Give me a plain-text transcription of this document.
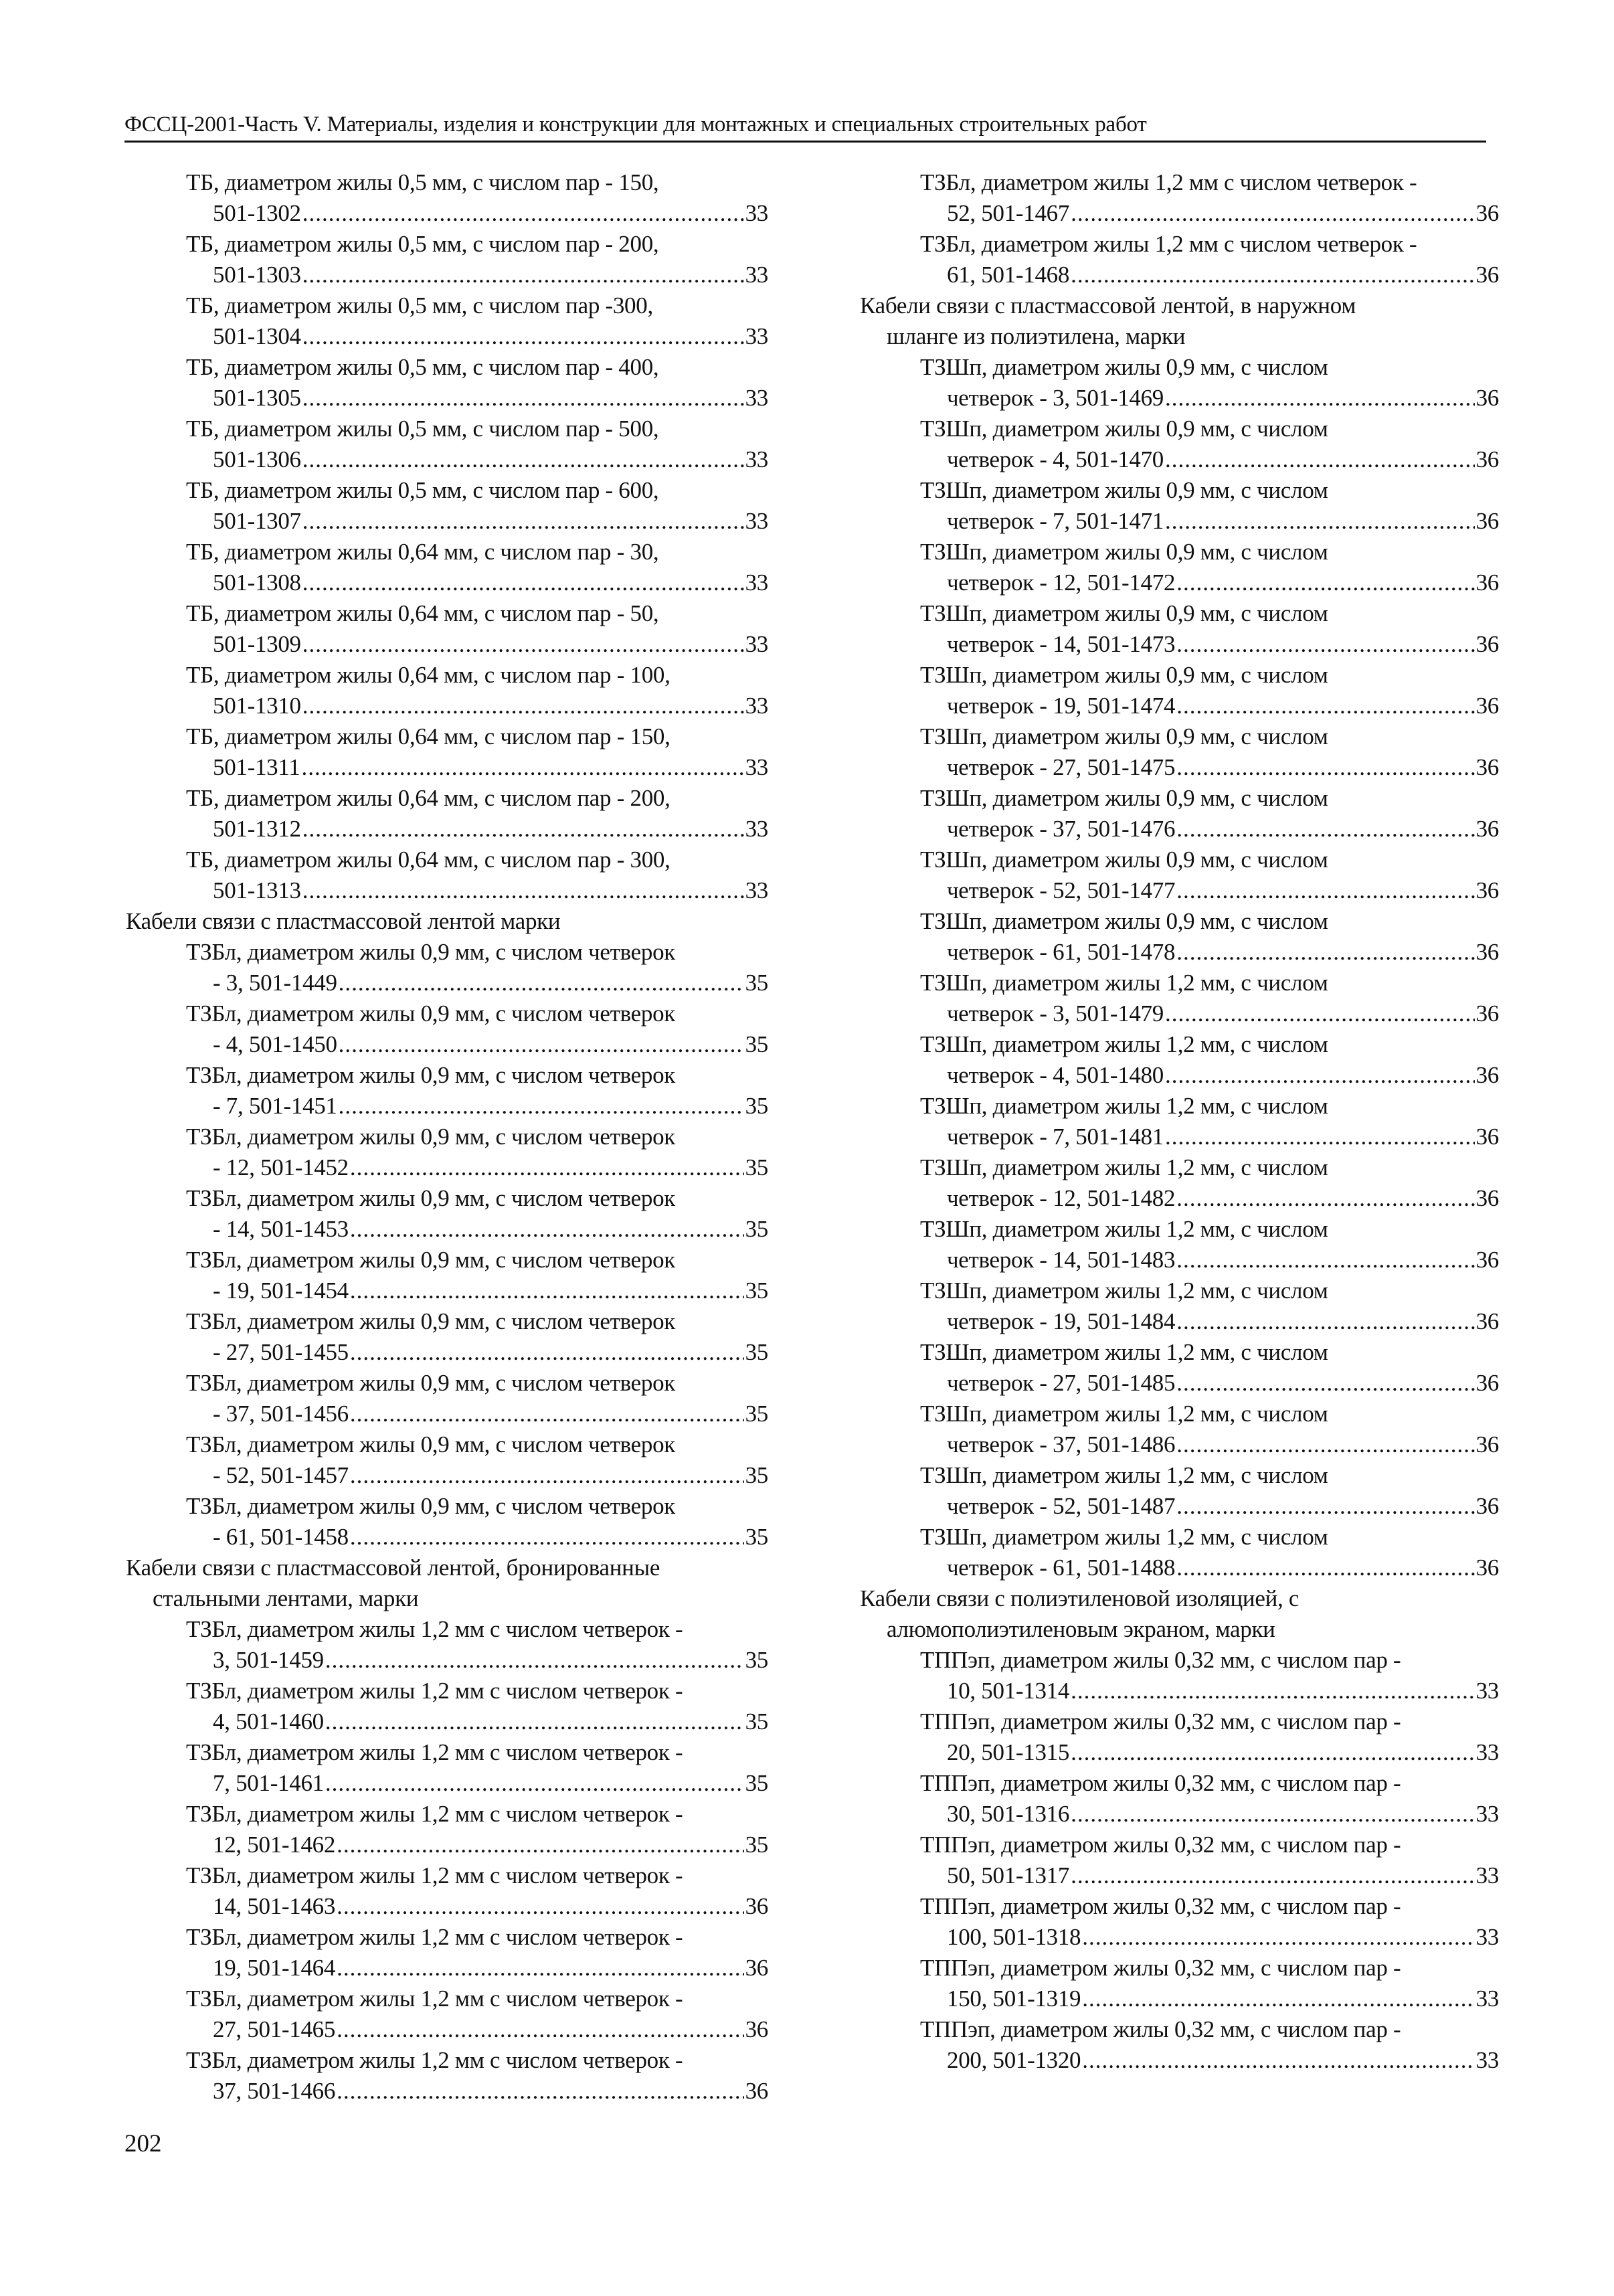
ФССЦ-2001-Часть V. Материалы, изделия и конструкции для монтажных и специальных строительных работ
ТБ, диаметром жилы 0,5 мм, с числом пар - 150,
501-1302 .....	33
ТБ, диаметром жилы 0,5 мм, с числом пар - 200,
501-1303 .....	33
ТБ, диаметром жилы 0,5 мм, с числом пар -300,
501-1304 .....	33
ТБ, диаметром жилы 0,5 мм, с числом пар - 400,
501-1305 .....	33
ТБ, диаметром жилы 0,5 мм, с числом пар - 500,
501-1306 .....	33
ТБ, диаметром жилы 0,5 мм, с числом пар - 600,
501-1307 .....	33
ТБ, диаметром жилы 0,64 мм, с числом пар - 30,
501-1308 .....	33
ТБ, диаметром жилы 0,64 мм, с числом пар - 50,
501-1309 .....	33
ТБ, диаметром жилы 0,64 мм, с числом пар - 100,
501-1310 .....	33
ТБ, диаметром жилы 0,64 мм, с числом пар - 150,
501-1311 .....	33
ТБ, диаметром жилы 0,64 мм, с числом пар - 200,
501-1312 .....	33
ТБ, диаметром жилы 0,64 мм, с числом пар - 300,
501-1313 .....	33
Кабели связи с пластмассовой лентой марки
ТЗБл, диаметром жилы 0,9 мм, с числом четверок
- 3, 501-1449 .....	35
ТЗБл, диаметром жилы 0,9 мм, с числом четверок
- 4, 501-1450 .....	35
ТЗБл, диаметром жилы 0,9 мм, с числом четверок
- 7, 501-1451 .....	35
ТЗБл, диаметром жилы 0,9 мм, с числом четверок
- 12, 501-1452 .....	35
ТЗБл, диаметром жилы 0,9 мм, с числом четверок
- 14, 501-1453 .....	35
ТЗБл, диаметром жилы 0,9 мм, с числом четверок
- 19, 501-1454 .....	35
ТЗБл, диаметром жилы 0,9 мм, с числом четверок
- 27, 501-1455 .....	35
ТЗБл, диаметром жилы 0,9 мм, с числом четверок
- 37, 501-1456 .....	35
ТЗБл, диаметром жилы 0,9 мм, с числом четверок
- 52, 501-1457 .....	35
ТЗБл, диаметром жилы 0,9 мм, с числом четверок
- 61, 501-1458 .....	35
Кабели связи с пластмассовой лентой, бронированные
стальными лентами, марки
ТЗБл, диаметром жилы 1,2 мм с числом четверок -
3, 501-1459 .....	35
ТЗБл, диаметром жилы 1,2 мм с числом четверок -
4, 501-1460 .....	35
ТЗБл, диаметром жилы 1,2 мм с числом четверок -
7, 501-1461 .....	35
ТЗБл, диаметром жилы 1,2 мм с числом четверок -
12, 501-1462 .....	35
ТЗБл, диаметром жилы 1,2 мм с числом четверок -
14, 501-1463 .....	36
ТЗБл, диаметром жилы 1,2 мм с числом четверок -
19, 501-1464 .....	36
ТЗБл, диаметром жилы 1,2 мм с числом четверок -
27, 501-1465 .....	36
ТЗБл, диаметром жилы 1,2 мм с числом четверок -
37, 501-1466 .....	36
ТЗБл, диаметром жилы 1,2 мм с числом четверок -
52, 501-1467 .....	36
ТЗБл, диаметром жилы 1,2 мм с числом четверок -
61, 501-1468 .....	36
Кабели связи с пластмассовой лентой, в наружном
шланге из полиэтилена, марки
ТЗШп, диаметром жилы 0,9 мм, с числом
четверок - 3, 501-1469 .....	36
ТЗШп, диаметром жилы 0,9 мм, с числом
четверок - 4, 501-1470 .....	36
ТЗШп, диаметром жилы 0,9 мм, с числом
четверок - 7, 501-1471 .....	36
ТЗШп, диаметром жилы 0,9 мм, с числом
четверок - 12, 501-1472 .....	36
ТЗШп, диаметром жилы 0,9 мм, с числом
четверок - 14, 501-1473 .....	36
ТЗШп, диаметром жилы 0,9 мм, с числом
четверок - 19, 501-1474 .....	36
ТЗШп, диаметром жилы 0,9 мм, с числом
четверок - 27, 501-1475 .....	36
ТЗШп, диаметром жилы 0,9 мм, с числом
четверок - 37, 501-1476 .....	36
ТЗШп, диаметром жилы 0,9 мм, с числом
четверок - 52, 501-1477 .....	36
ТЗШп, диаметром жилы 0,9 мм, с числом
четверок - 61, 501-1478 .....	36
ТЗШп, диаметром жилы 1,2 мм, с числом
четверок - 3, 501-1479 .....	36
ТЗШп, диаметром жилы 1,2 мм, с числом
четверок - 4, 501-1480 .....	36
ТЗШп, диаметром жилы 1,2 мм, с числом
четверок - 7, 501-1481 .....	36
ТЗШп, диаметром жилы 1,2 мм, с числом
четверок - 12, 501-1482 .....	36
ТЗШп, диаметром жилы 1,2 мм, с числом
четверок - 14, 501-1483 .....	36
ТЗШп, диаметром жилы 1,2 мм, с числом
четверок - 19, 501-1484 .....	36
ТЗШп, диаметром жилы 1,2 мм, с числом
четверок - 27, 501-1485 .....	36
ТЗШп, диаметром жилы 1,2 мм, с числом
четверок - 37, 501-1486 .....	36
ТЗШп, диаметром жилы 1,2 мм, с числом
четверок - 52, 501-1487 .....	36
ТЗШп, диаметром жилы 1,2 мм, с числом
четверок - 61, 501-1488 .....	36
Кабели связи с полиэтиленовой изоляцией, с
алюмополиэтиленовым экраном, марки
ТППэп, диаметром жилы 0,32 мм, с числом пар -
10, 501-1314 .....	33
ТППэп, диаметром жилы 0,32 мм, с числом пар -
20, 501-1315 .....	33
ТППэп, диаметром жилы 0,32 мм, с числом пар -
30, 501-1316 .....	33
ТППэп, диаметром жилы 0,32 мм, с числом пар -
50, 501-1317 .....	33
ТППэп, диаметром жилы 0,32 мм, с числом пар -
100, 501-1318 .....	33
ТППэп, диаметром жилы 0,32 мм, с числом пар -
150, 501-1319 .....	33
ТППэп, диаметром жилы 0,32 мм, с числом пар -
200, 501-1320 .....	33
202
